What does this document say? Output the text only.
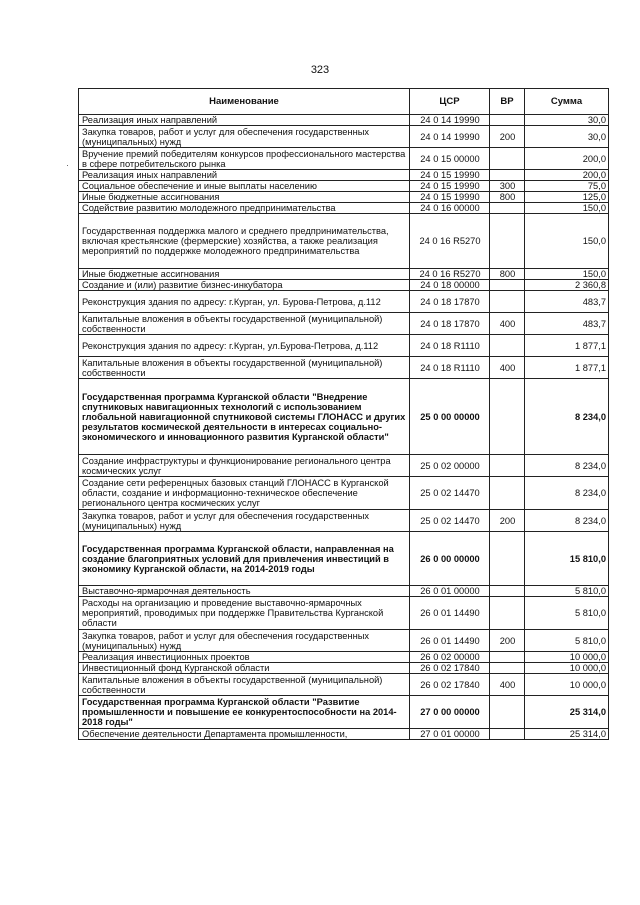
323
·
Наименование	ЦСР	ВР	Сумма
Реализация иных направлений	24 0 14 19990		30,0
Закупка товаров, работ и услуг для обеспечения государственных (муниципальных) нужд	24 0 14 19990	200	30,0
Вручение премий победителям конкурсов профессионального мастерства в сфере потребительского рынка	24 0 15 00000		200,0
Реализация иных направлений	24 0 15 19990		200,0
Социальное обеспечение и иные выплаты населению	24 0 15 19990	300	75,0
Иные бюджетные ассигнования	24 0 15 19990	800	125,0
Содействие развитию молодежного предпринимательства	24 0 16 00000		150,0
Государственная поддержка малого и среднего предпринимательства, включая крестьянские (фермерские) хозяйства, а также реализация мероприятий по поддержке молодежного предпринимательства	24 0 16 R5270		150,0
Иные бюджетные ассигнования	24 0 16 R5270	800	150,0
Создание и (или) развитие бизнес-инкубатора	24 0 18 00000		2 360,8
Реконструкция здания по адресу: г.Курган, ул. Бурова-Петрова, д.112	24 0 18 17870		483,7
Капитальные вложения в объекты государственной (муниципальной) собственности	24 0 18 17870	400	483,7
Реконструкция здания по адресу: г.Курган, ул.Бурова-Петрова, д.112	24 0 18 R1110		1 877,1
Капитальные вложения в объекты государственной (муниципальной) собственности	24 0 18 R1110	400	1 877,1
Государственная программа Курганской области "Внедрение спутниковых навигационных технологий с использованием глобальной навигационной спутниковой системы ГЛОНАСС и других результатов космической деятельности в интересах социально-экономического и инновационного развития Курганской области"	25 0 00 00000		8 234,0
Создание инфраструктуры и функционирование регионального центра космических услуг	25 0 02 00000		8 234,0
Создание сети референцных базовых станций ГЛОНАСС в Курганской области, создание и информационно-техническое обеспечение регионального центра космических услуг	25 0 02 14470		8 234,0
Закупка товаров, работ и услуг для обеспечения государственных (муниципальных) нужд	25 0 02 14470	200	8 234,0
Государственная программа Курганской области, направленная на создание благоприятных условий для привлечения инвестиций в экономику Курганской области, на 2014-2019 годы	26 0 00 00000		15 810,0
Выставочно-ярмарочная деятельность	26 0 01 00000		5 810,0
Расходы на организацию и проведение выставочно-ярмарочных мероприятий, проводимых при поддержке Правительства Курганской области	26 0 01 14490		5 810,0
Закупка товаров, работ и услуг для обеспечения государственных (муниципальных) нужд	26 0 01 14490	200	5 810,0
Реализация инвестиционных проектов	26 0 02 00000		10 000,0
Инвестиционный фонд Курганской области	26 0 02 17840		10 000,0
Капитальные вложения в объекты государственной (муниципальной) собственности	26 0 02 17840	400	10 000,0
Государственная программа Курганской области "Развитие промышленности и повышение ее конкурентоспособности на 2014-2018 годы"	27 0 00 00000		25 314,0
Обеспечение деятельности Департамента промышленности,	27 0 01 00000		25 314,0
